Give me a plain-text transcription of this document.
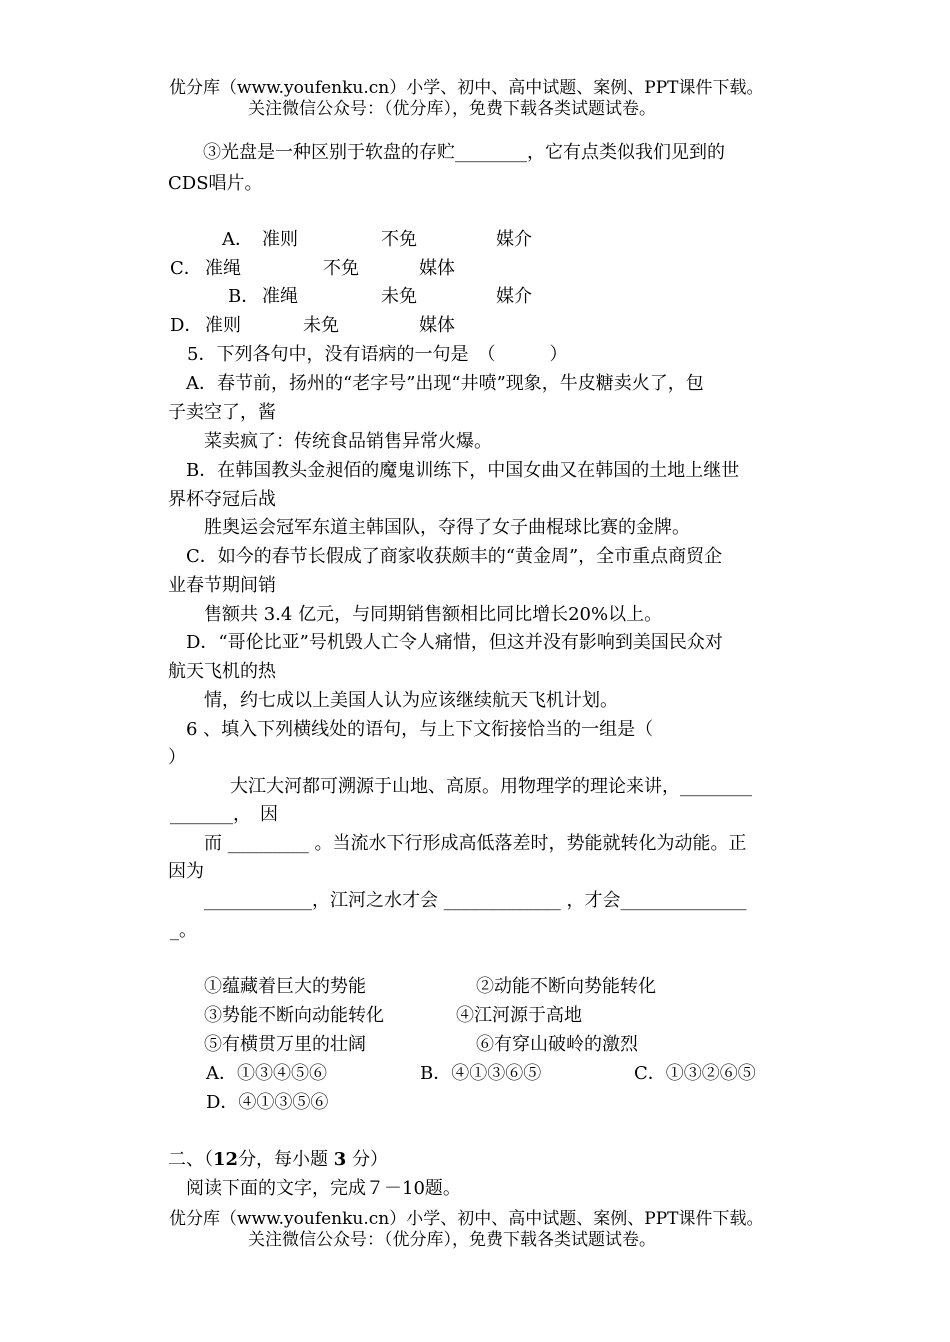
优分库（www.youfenku.cn）小学、初中、高中试题、案例、PPT课件下载。
关注微信公众号：（优分库），免费下载各类试题试卷。
③光盘是一种区别于软盘的存贮________，它有点类似我们见到的
CDS唱片。
A． 准则	不免	媒介
C． 准绳	不免	媒体
B． 准绳	未免	媒介
D． 准则	未免	媒体
5．下列各句中，没有语病的一句是　（　　　）
A．春节前，扬州的“老字号”出现“井喷”现象，牛皮糖卖火了，包
子卖空了，酱
菜卖疯了：传统食品销售异常火爆。
B．在韩国教头金昶佰的魔鬼训练下，中国女曲又在韩国的土地上继世
界杯夺冠后战
胜奥运会冠军东道主韩国队，夺得了女子曲棍球比赛的金牌。
C．如今的春节长假成了商家收获颇丰的“黄金周”，全市重点商贸企
业春节期间销
售额共 3.4 亿元，与同期销售额相比同比增长20%以上。
D．“哥伦比亚”号机毁人亡令人痛惜，但这并没有影响到美国民众对
航天飞机的热
情，约七成以上美国人认为应该继续航天飞机计划。
6 、填入下列横线处的语句，与上下文衔接恰当的一组是（
）
大江大河都可溯源于山地、高原。用物理学的理论来讲，________
_______，　因
而 _________ 。当流水下行形成高低落差时，势能就转化为动能。正
因为
____________，江河之水才会 _____________ ，才会______________
_。
①蕴藏着巨大的势能	②动能不断向势能转化
③势能不断向动能转化	④江河源于高地
⑤有横贯万里的壮阔	⑥有穿山破岭的激烈
A．①③④⑤⑥	B．④①③⑥⑤	C．①③②⑥⑤
D．④①③⑤⑥
二、（12分，每小题 3 分）
阅读下面的文字，完成７－10题。
优分库（www.youfenku.cn）小学、初中、高中试题、案例、PPT课件下载。
关注微信公众号：（优分库），免费下载各类试题试卷。
